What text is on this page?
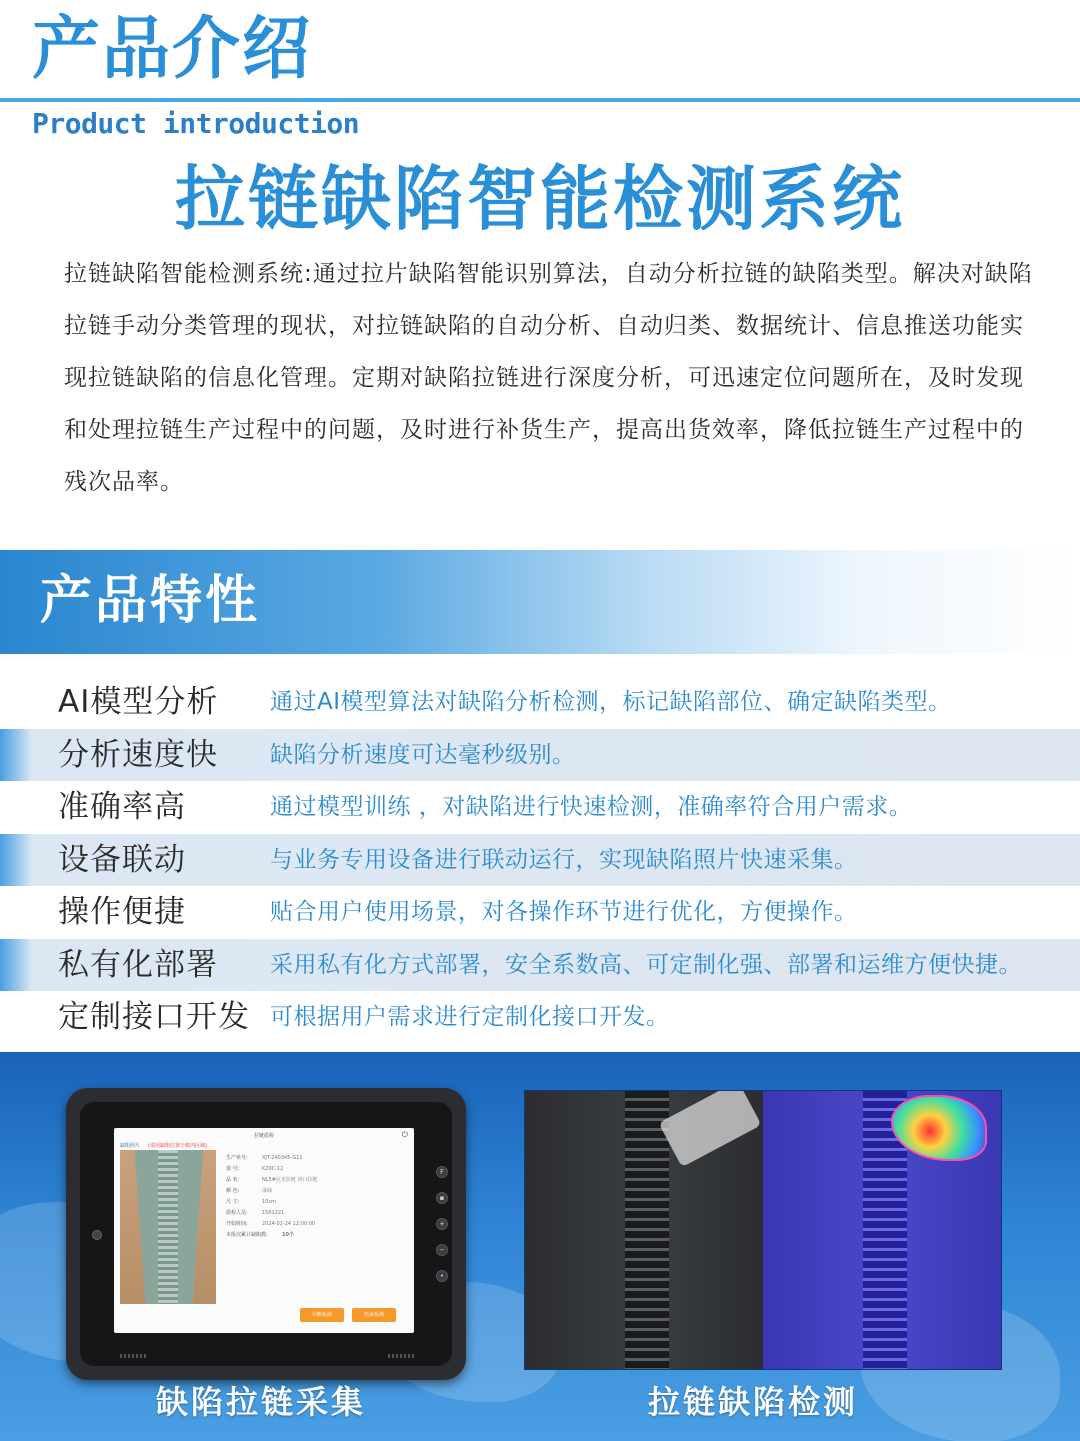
产品介绍
Product introduction
拉链缺陷智能检测系统
拉链缺陷智能检测系统:通过拉片缺陷智能识别算法，自动分析拉链的缺陷类型。解决对缺陷拉链手动分类管理的现状，对拉链缺陷的自动分析、自动归类、数据统计、信息推送功能实现拉链缺陷的信息化管理。定期对缺陷拉链进行深度分析，可迅速定位问题所在，及时发现和处理拉链生产过程中的问题，及时进行补货生产，提高出货效率，降低拉链生产过程中的残次品率。
产品特性
AI模型分析 通过AI模型算法对缺陷分析检测，标记缺陷部位、确定缺陷类型。
分析速度快 缺陷分析速度可达毫秒级别。
准确率高	通过模型训练 ，对缺陷进行快速检测，准确率符合用户需求。
设备联动	与业务专用设备进行联动运行，实现缺陷照片快速采集。
操作便捷	贴合用户使用场景，对各操作环节进行优化，方便操作。
私有化部署 采用私有化方式部署，安全系数高、可定制化强、部署和运维方便快捷。
定制接口开发 可根据用户需求进行定制化接口开发。
拉链质检	⏻
缺陷照片 (请用缺陷位置于框内区域)
生产单号:	XJT-240345-G11
款 号:	K20C-12
品 名:	NL5#尼龙拉链 闭口拉链
颜 色:	浅绿
尺 寸:	10cm
质检人员:	1561221
开始时间:	2024-02-24 12:00:00
本批次累计缺陷数:	10个
中断检测	结束检测
F
▪
+
−
•
缺陷拉链采集	拉链缺陷检测
